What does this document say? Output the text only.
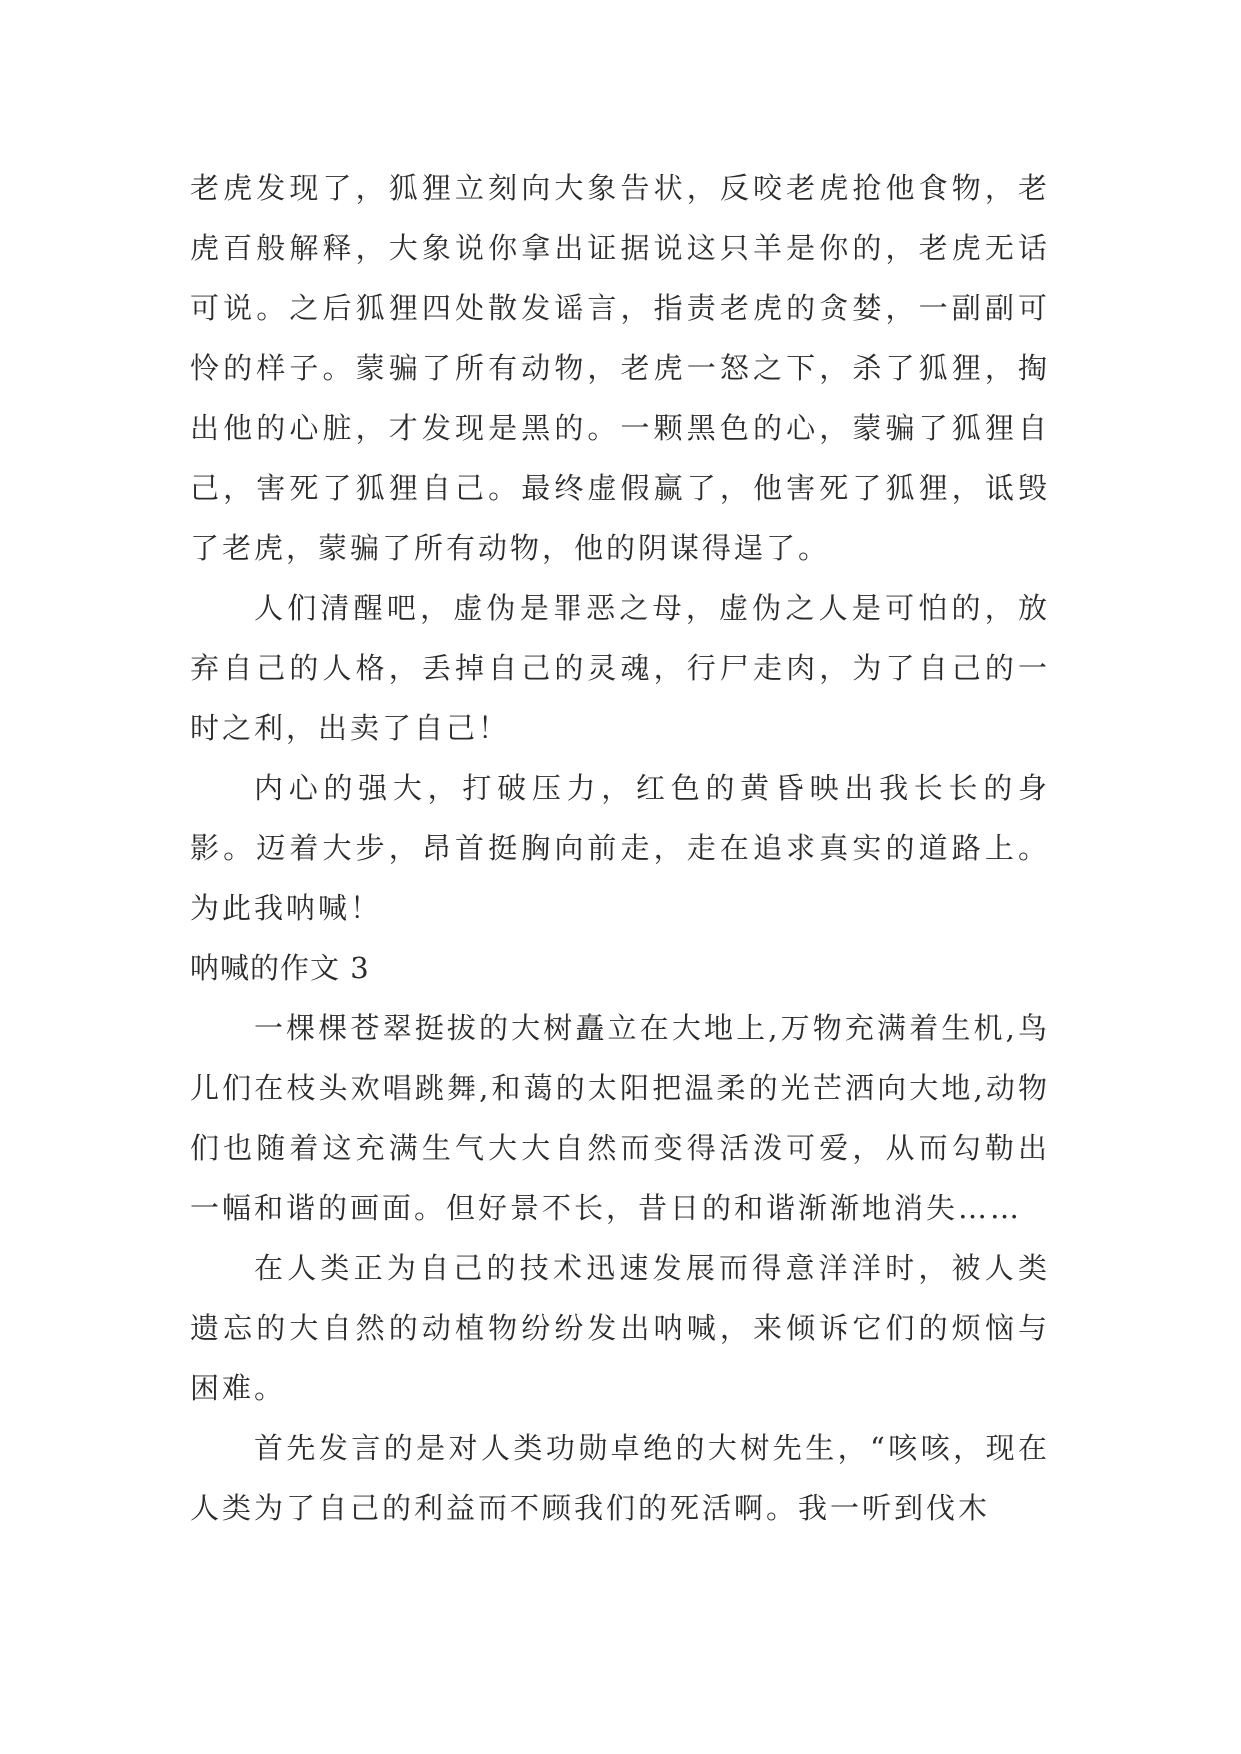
老虎发现了，狐狸立刻向大象告状，反咬老虎抢他食物，老虎百般解释，大象说你拿出证据说这只羊是你的，老虎无话可说。之后狐狸四处散发谣言，指责老虎的贪婪，一副副可怜的样子。蒙骗了所有动物，老虎一怒之下，杀了狐狸，掏出他的心脏，才发现是黑的。一颗黑色的心，蒙骗了狐狸自己，害死了狐狸自己。最终虚假赢了，他害死了狐狸，诋毁了老虎，蒙骗了所有动物，他的阴谋得逞了。

人们清醒吧，虚伪是罪恶之母，虚伪之人是可怕的，放弃自己的人格，丢掉自己的灵魂，行尸走肉，为了自己的一时之利，出卖了自己！

内心的强大，打破压力，红色的黄昏映出我长长的身影。迈着大步，昂首挺胸向前走，走在追求真实的道路上。为此我呐喊！

呐喊的作文 3

一棵棵苍翠挺拔的大树矗立在大地上,万物充满着生机,鸟儿们在枝头欢唱跳舞,和蔼的太阳把温柔的光芒洒向大地,动物们也随着这充满生气大大自然而变得活泼可爱，从而勾勒出一幅和谐的画面。但好景不长，昔日的和谐渐渐地消失……

在人类正为自己的技术迅速发展而得意洋洋时，被人类遗忘的大自然的动植物纷纷发出呐喊，来倾诉它们的烦恼与困难。

首先发言的是对人类功勋卓绝的大树先生，“咳咳，现在人类为了自己的利益而不顾我们的死活啊。我一听到伐木
